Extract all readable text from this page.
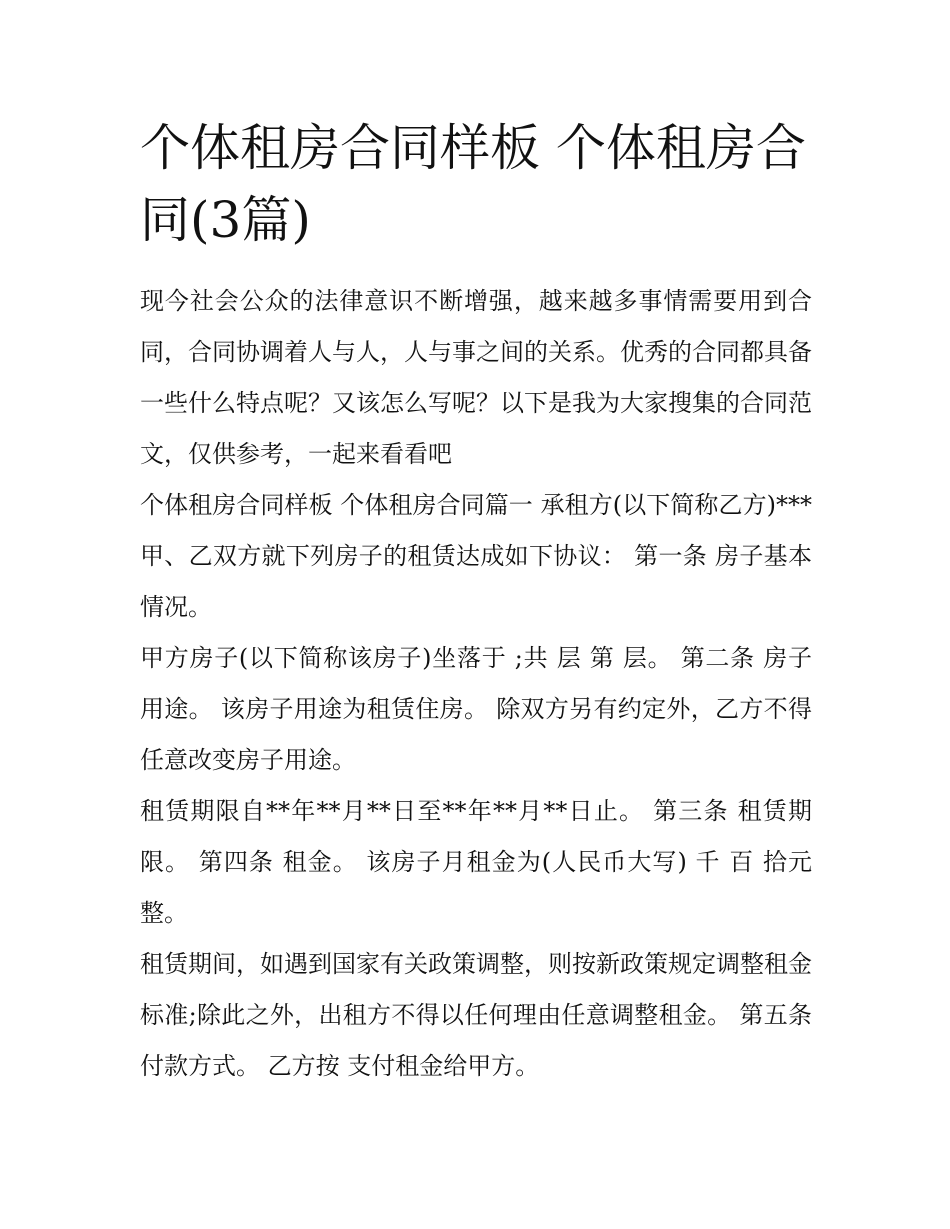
个体租房合同样板 个体租房合同(3篇)

现今社会公众的法律意识不断增强，越来越多事情需要用到合同，合同协调着人与人，人与事之间的关系。优秀的合同都具备一些什么特点呢？又该怎么写呢？以下是我为大家搜集的合同范文，仅供参考，一起来看看吧

个体租房合同样板 个体租房合同篇一 承租方(以下简称乙方)*** 甲、乙双方就下列房子的租赁达成如下协议： 第一条 房子基本情况。

甲方房子(以下简称该房子)坐落于 ;共 层 第 层。 第二条 房子用途。 该房子用途为租赁住房。 除双方另有约定外，乙方不得任意改变房子用途。

租赁期限自**年**月**日至**年**月**日止。 第三条 租赁期限。 第四条 租金。 该房子月租金为(人民币大写) 千 百 拾元整。

租赁期间，如遇到国家有关政策调整，则按新政策规定调整租金标准;除此之外，出租方不得以任何理由任意调整租金。 第五条 付款方式。 乙方按 支付租金给甲方。
